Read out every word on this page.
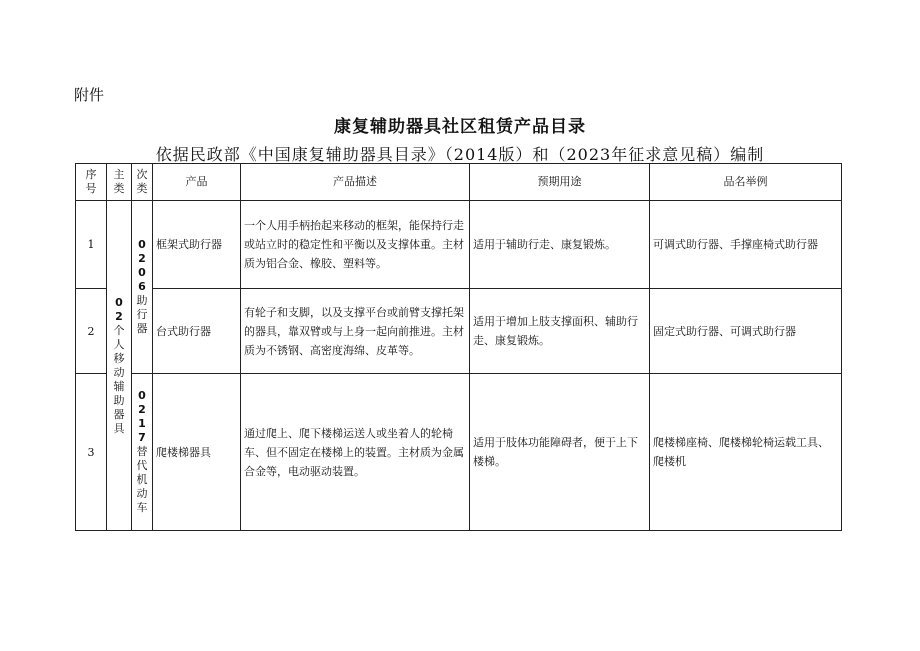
附件
康复辅助器具社区租赁产品目录
依据民政部《中国康复辅助器具目录》（2014版）和（2023年征求意见稿）编制
序号	主类	次类	产品	产品描述	预期用途	品名举例
1	02 个人移动辅助器具	0206 助行器	框架式助行器	一个人用手柄抬起来移动的框架，能保持行走或站立时的稳定性和平衡以及支撑体重。主材质为铝合金、橡胶、塑料等。	适用于辅助行走、康复锻炼。	可调式助行器、手撑座椅式助行器
2			台式助行器	有轮子和支脚，以及支撑平台或前臂支撑托架的器具，靠双臂或与上身一起向前推进。主材质为不锈钢、高密度海绵、皮革等。	适用于增加上肢支撑面积、辅助行走、康复锻炼。	固定式助行器、可调式助行器
3		0217 替代机动车	爬楼梯器具	通过爬上、爬下楼梯运送人或坐着人的轮椅车、但不固定在楼梯上的装置。主材质为金属合金等，电动驱动装置。	适用于肢体功能障碍者，便于上下楼梯。	爬楼梯座椅、爬楼梯轮椅运载工具、爬楼机
